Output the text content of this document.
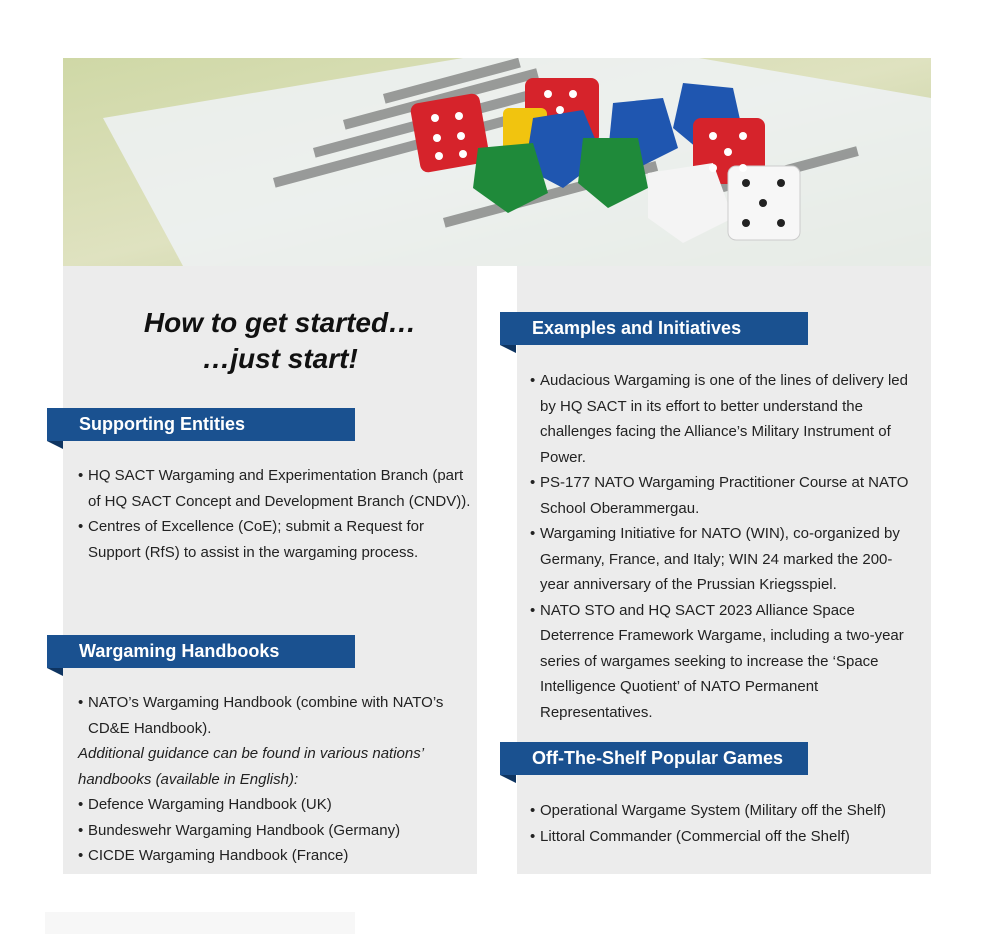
How to get started…
…just start!
Supporting Entities
• HQ SACT Wargaming and Experimentation Branch (part of HQ SACT Concept and Development Branch (CNDV)).
• Centres of Excellence (CoE); submit a Request for Support (RfS) to assist in the wargaming process.
Wargaming Handbooks
• NATO’s Wargaming Handbook (combine with NATO’s CD&E Handbook).
Additional guidance can be found in various nations’ handbooks (available in English):
• Defence Wargaming Handbook (UK)
• Bundeswehr Wargaming Handbook (Germany)
• CICDE Wargaming Handbook (France)
Examples and Initiatives
• Audacious Wargaming is one of the lines of delivery led by HQ SACT in its effort to better understand the challenges facing the Alliance’s Military Instrument of Power.
• PS-177 NATO Wargaming Practitioner Course at NATO School Oberammergau.
• Wargaming Initiative for NATO (WIN), co-organized by Germany, France, and Italy; WIN 24 marked the 200-year anniversary of the Prussian Kriegsspiel.
• NATO STO and HQ SACT 2023 Alliance Space Deterrence Framework Wargame, including a two-year series of wargames seeking to increase the ‘Space Intelligence Quotient’ of NATO Permanent Representatives.
Off-The-Shelf Popular Games
• Operational Wargame System (Military off the Shelf)
• Littoral Commander (Commercial off the Shelf)
